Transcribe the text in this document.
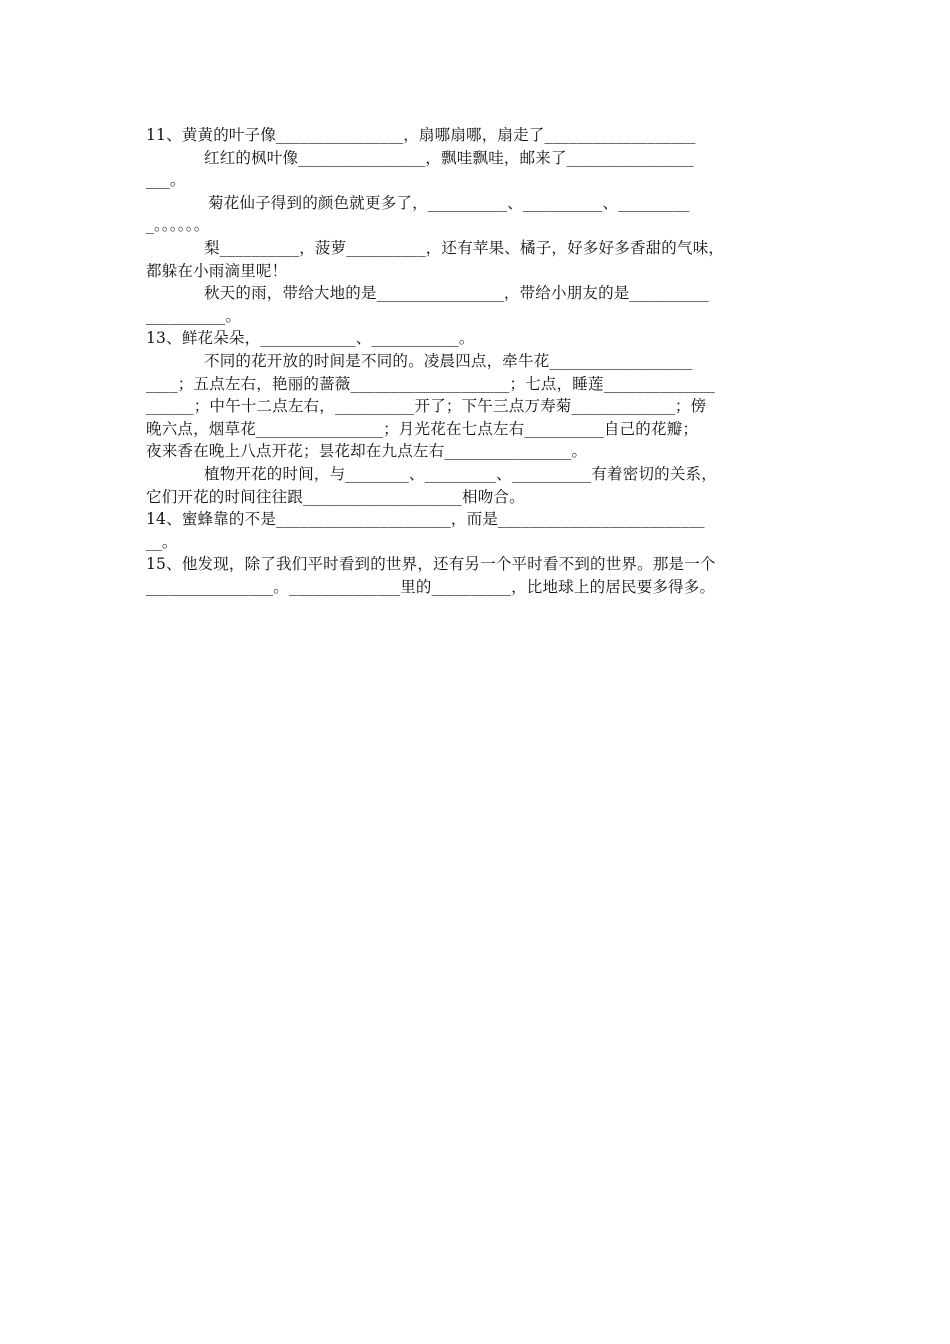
11、黄黄的叶子像________________，扇哪扇哪，扇走了___________________
红红的枫叶像________________，飘哇飘哇，邮来了________________
___。
菊花仙子得到的颜色就更多了，__________、__________、_________
_。。。。。。
梨__________，菠萝__________，还有苹果、橘子，好多好多香甜的气味，
都躲在小雨滴里呢！
秋天的雨，带给大地的是________________，带给小朋友的是__________
__________。
13、鲜花朵朵，____________、___________。
不同的花开放的时间是不同的。凌晨四点，牵牛花__________________
____；五点左右，艳丽的蔷薇____________________；七点，睡莲______________
______；中午十二点左右，__________开了；下午三点万寿菊_____________；傍
晚六点，烟草花________________；月光花在七点左右__________自己的花瓣；
夜来香在晚上八点开花；昙花却在九点左右________________。
植物开花的时间，与________、_________、__________有着密切的关系，
它们开花的时间往往跟____________________相吻合。
14、蜜蜂靠的不是______________________，而是__________________________
__。
15、他发现，除了我们平时看到的世界，还有另一个平时看不到的世界。那是一个
________________。______________里的__________，比地球上的居民要多得多。
